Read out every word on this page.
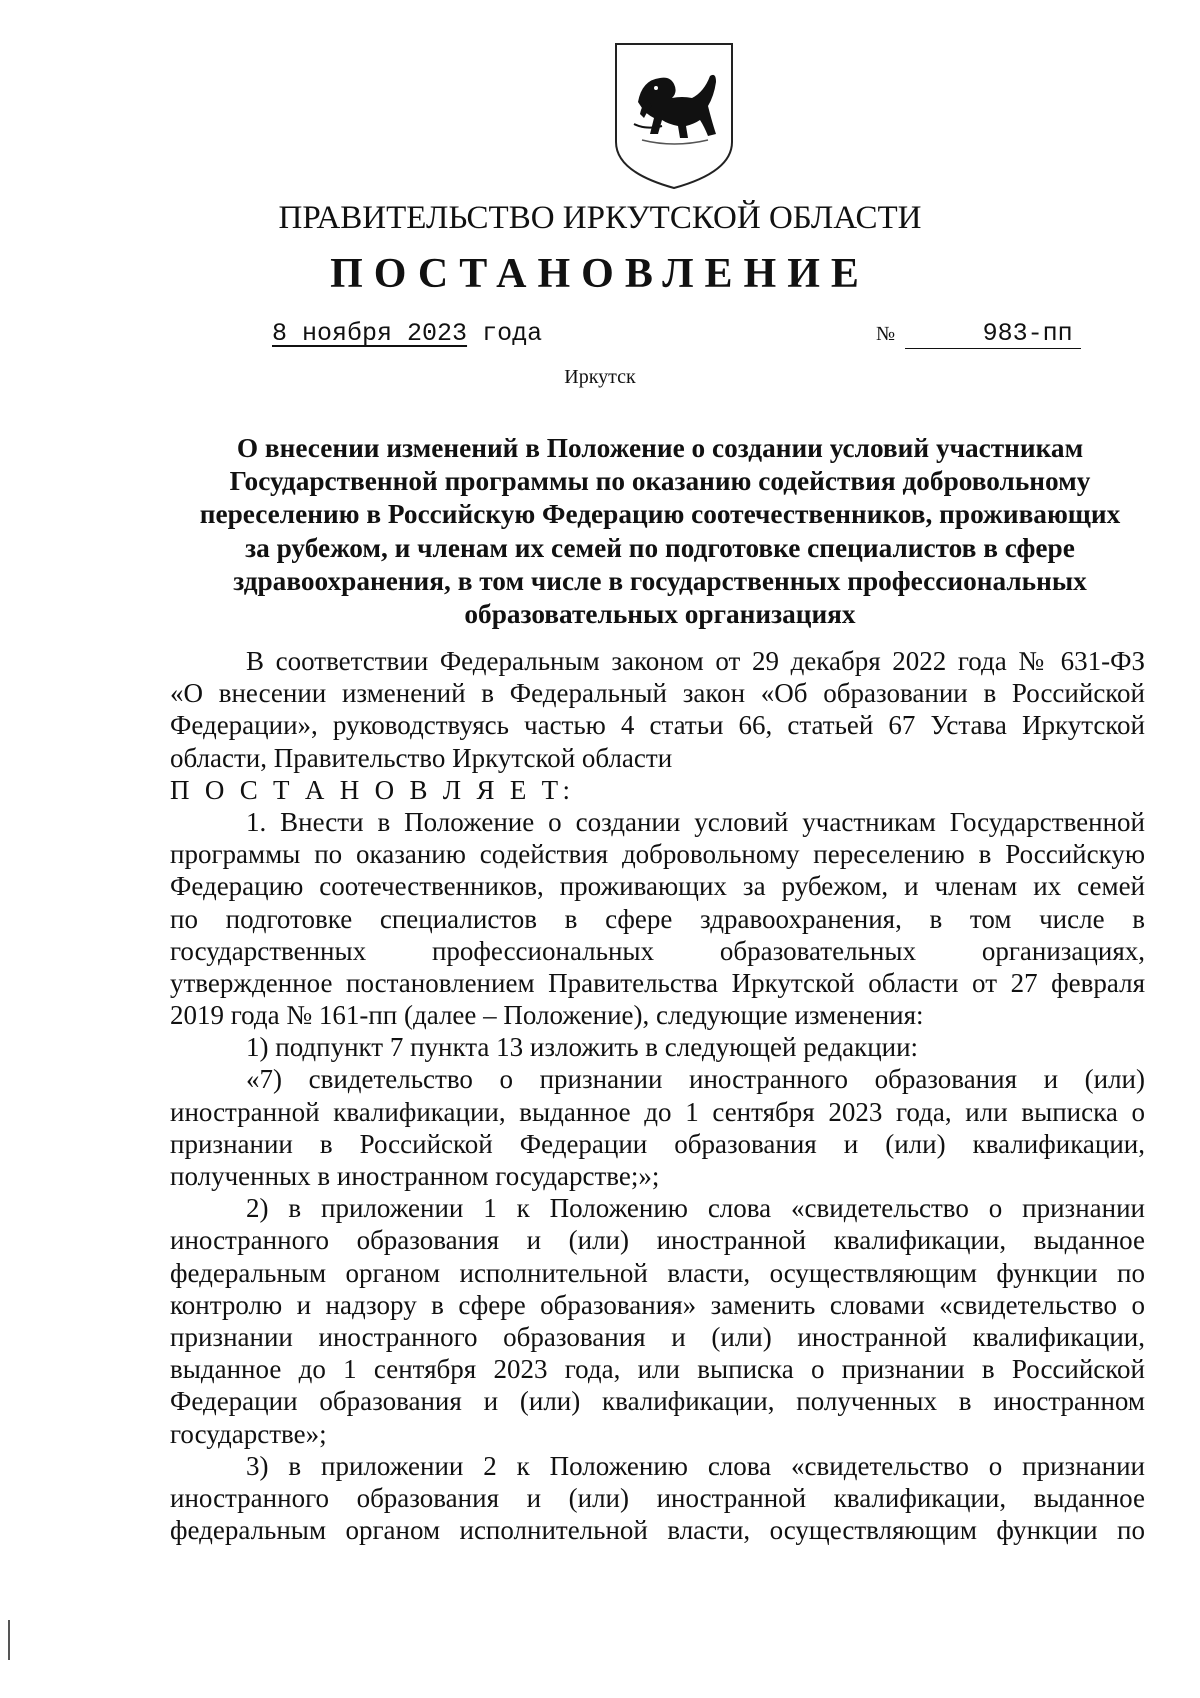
ПРАВИТЕЛЬСТВО ИРКУТСКОЙ ОБЛАСТИ
ПОСТАНОВЛЕНИЕ
8 ноября 2023 года	№	983-пп
Иркутск
О внесении изменений в Положение о создании условий участникам
Государственной программы по оказанию содействия добровольному
переселению в Российскую Федерацию соотечественников, проживающих
за рубежом, и членам их семей по подготовке специалистов в сфере
здравоохранения, в том числе в государственных профессиональных
образовательных организациях
В соответствии Федеральным законом от 29 декабря 2022 года № 631-ФЗ
«О внесении изменений в Федеральный закон «Об образовании в Российской
Федерации», руководствуясь частью 4 статьи 66, статьей 67 Устава Иркутской
области, Правительство Иркутской области
П О С Т А Н О В Л Я Е Т:
1. Внести в Положение о создании условий участникам Государственной
программы по оказанию содействия добровольному переселению в Российскую
Федерацию соотечественников, проживающих за рубежом, и членам их семей
по подготовке специалистов в сфере здравоохранения, в том числе в
государственных профессиональных образовательных организациях,
утвержденное постановлением Правительства Иркутской области от 27 февраля
2019 года № 161-пп (далее – Положение), следующие изменения:
1) подпункт 7 пункта 13 изложить в следующей редакции:
«7) свидетельство о признании иностранного образования и (или)
иностранной квалификации, выданное до 1 сентября 2023 года, или выписка о
признании в Российской Федерации образования и (или) квалификации,
полученных в иностранном государстве;»;
2) в приложении 1 к Положению слова «свидетельство о признании
иностранного образования и (или) иностранной квалификации, выданное
федеральным органом исполнительной власти, осуществляющим функции по
контролю и надзору в сфере образования» заменить словами «свидетельство о
признании иностранного образования и (или) иностранной квалификации,
выданное до 1 сентября 2023 года, или выписка о признании в Российской
Федерации образования и (или) квалификации, полученных в иностранном
государстве»;
3) в приложении 2 к Положению слова «свидетельство о признании
иностранного образования и (или) иностранной квалификации, выданное
федеральным органом исполнительной власти, осуществляющим функции по
